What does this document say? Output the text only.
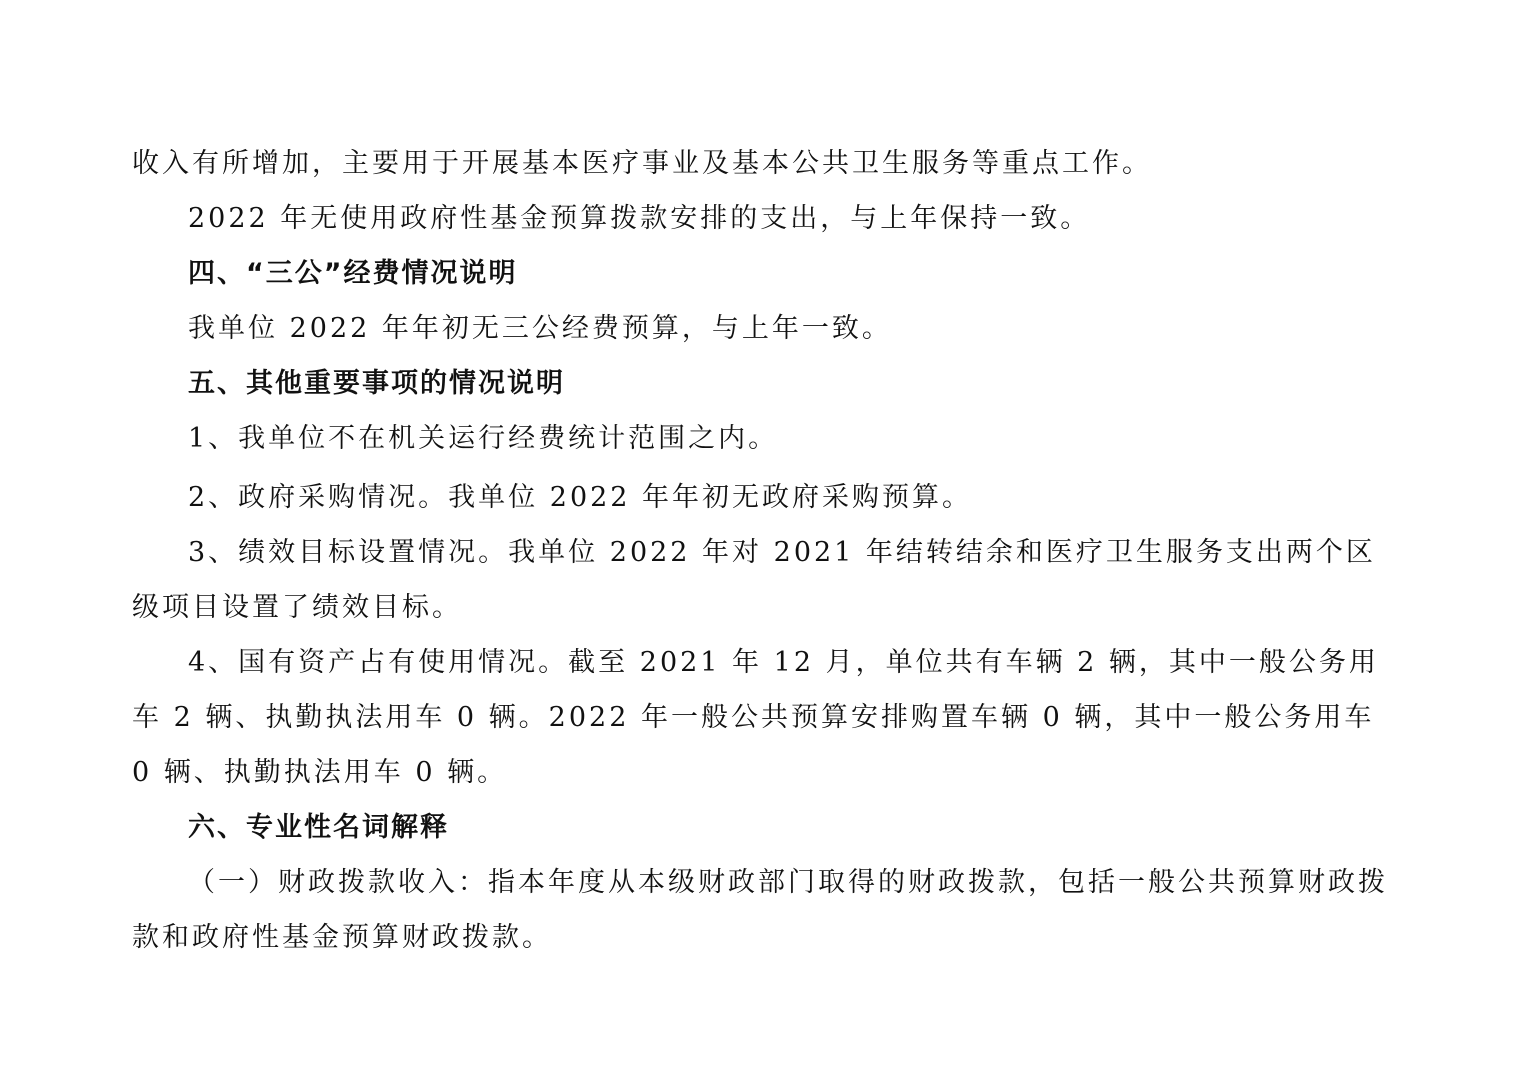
收入有所增加，主要用于开展基本医疗事业及基本公共卫生服务等重点工作。

2022 年无使用政府性基金预算拨款安排的支出，与上年保持一致。

四、“三公”经费情况说明

我单位 2022 年年初无三公经费预算，与上年一致。

五、其他重要事项的情况说明

1、我单位不在机关运行经费统计范围之内。

2、政府采购情况。我单位 2022 年年初无政府采购预算。

3、绩效目标设置情况。我单位 2022 年对 2021 年结转结余和医疗卫生服务支出两个区级项目设置了绩效目标。

4、国有资产占有使用情况。截至 2021 年 12 月，单位共有车辆 2 辆，其中一般公务用车 2 辆、执勤执法用车 0 辆。2022 年一般公共预算安排购置车辆 0 辆，其中一般公务用车 0 辆、执勤执法用车 0 辆。

六、专业性名词解释

（一）财政拨款收入：指本年度从本级财政部门取得的财政拨款，包括一般公共预算财政拨款和政府性基金预算财政拨款。
